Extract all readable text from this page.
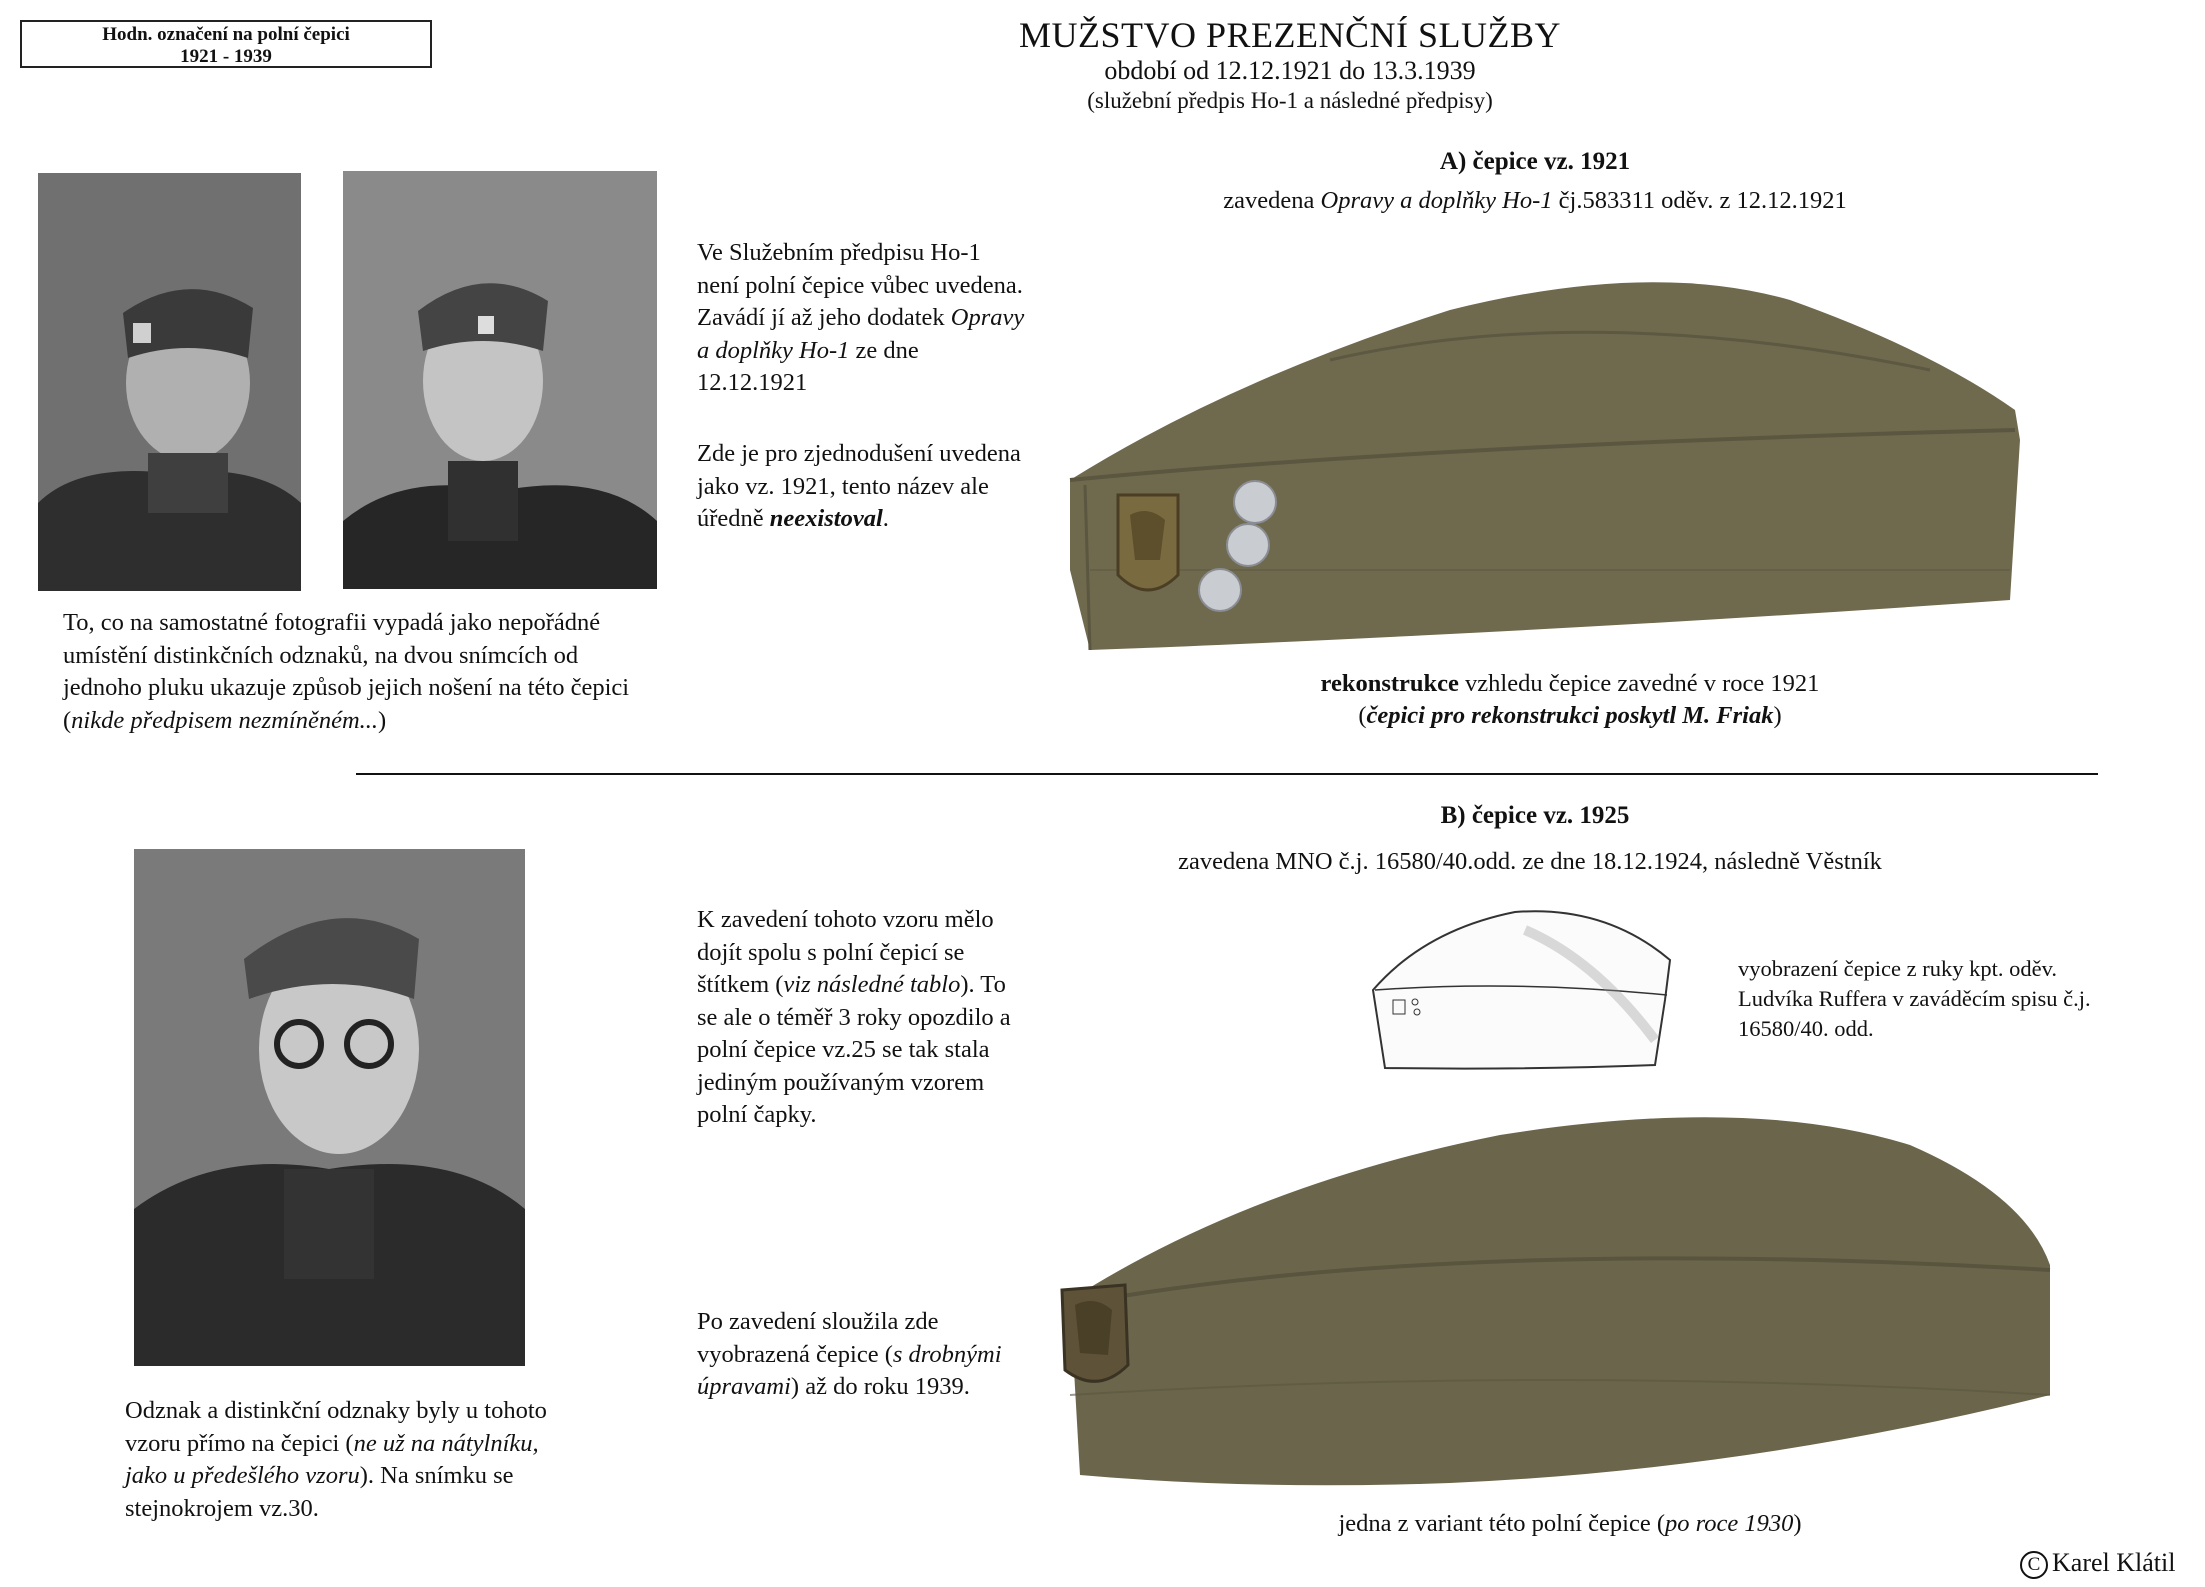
Hodn. označení na polní čepici
1921 - 1939
MUŽSTVO PREZENČNÍ SLUŽBY
období od 12.12.1921 do 13.3.1939
(služební předpis Ho-1 a následné předpisy)

Ve Služebním předpisu Ho-1 není polní čepice vůbec uvedena. Zavádí jí až jeho dodatek Opravy a doplňky Ho-1 ze dne 12.12.1921

Zde je pro zjednodušení uvedena jako vz. 1921, tento název ale úředně neexistoval.

To, co na samostatné fotografii vypadá jako nepořádné umístění distinkčních odznaků, na dvou snímcích od jednoho pluku ukazuje způsob jejich nošení na této čepici (nikde předpisem nezmíněném...)

A) čepice vz. 1921
zavedena Opravy a doplňky Ho-1 čj.583311 oděv. z 12.12.1921
rekonstrukce vzhledu čepice zavedné v roce 1921
(čepici pro rekonstrukci poskytl M. Friak)
B) čepice vz. 1925
zavedena MNO č.j. 16580/40.odd. ze dne 18.12.1924, následně Věstník

K zavedení tohoto vzoru mělo dojít spolu s polní čepicí se štítkem (viz následné tablo). To se ale o téměř 3 roky opozdilo a polní čepice vz.25 se tak stala jediným používaným vzorem polní čapky.

Po zavedení sloužila zde vyobrazená čepice (s drobnými úpravami) až do roku 1939.

vyobrazení čepice z ruky kpt. oděv. Ludvíka Ruffera v zaváděcím spisu č.j. 16580/40. odd.

Odznak a distinkční odznaky byly u tohoto vzoru přímo na čepici (ne už na nátylníku, jako u předešlého vzoru). Na snímku se stejnokrojem vz.30.

jedna z variant této polní čepice (po roce 1930)
C Karel Klátil
